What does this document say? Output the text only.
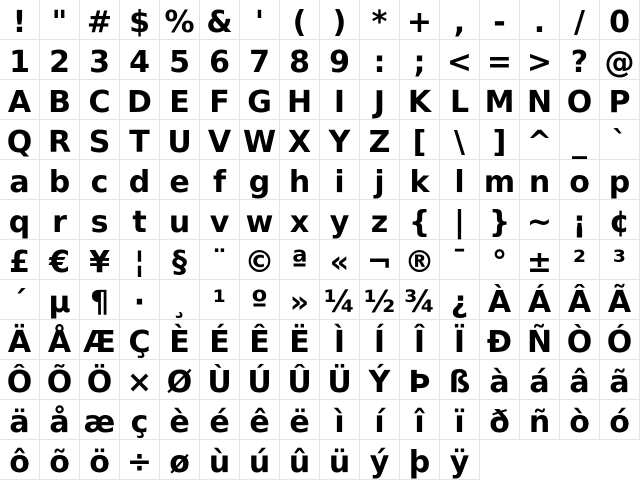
! " # $ % & ' ( ) * + , - . / 0
1 2 3 4 5 6 7 8 9 : ; < = > ? @
A B C D E F G H I J K L M N O P
Q R S T U V W X Y Z [ \ ] ^ _ `
a b c d e f g h i j k l m n o p
q r s t u v w x y z { | } ~ ¡ ¢
£ € ¥ ¦ § ¨ © ª « ¬ ® ¯ ° ± ² ³
´ µ ¶ · ¸ ¹ º » ¼ ½ ¾ ¿ À Á Â Ã
Ä Å Æ Ç È É Ê Ë Ì Í Î Ï Ð Ñ Ò Ó
Ô Õ Ö × Ø Ù Ú Û Ü Ý Þ ß à á â ã
ä å æ ç è é ê ë ì í î ï ð ñ ò ó
ô õ ö ÷ ø ù ú û ü ý þ ÿ
